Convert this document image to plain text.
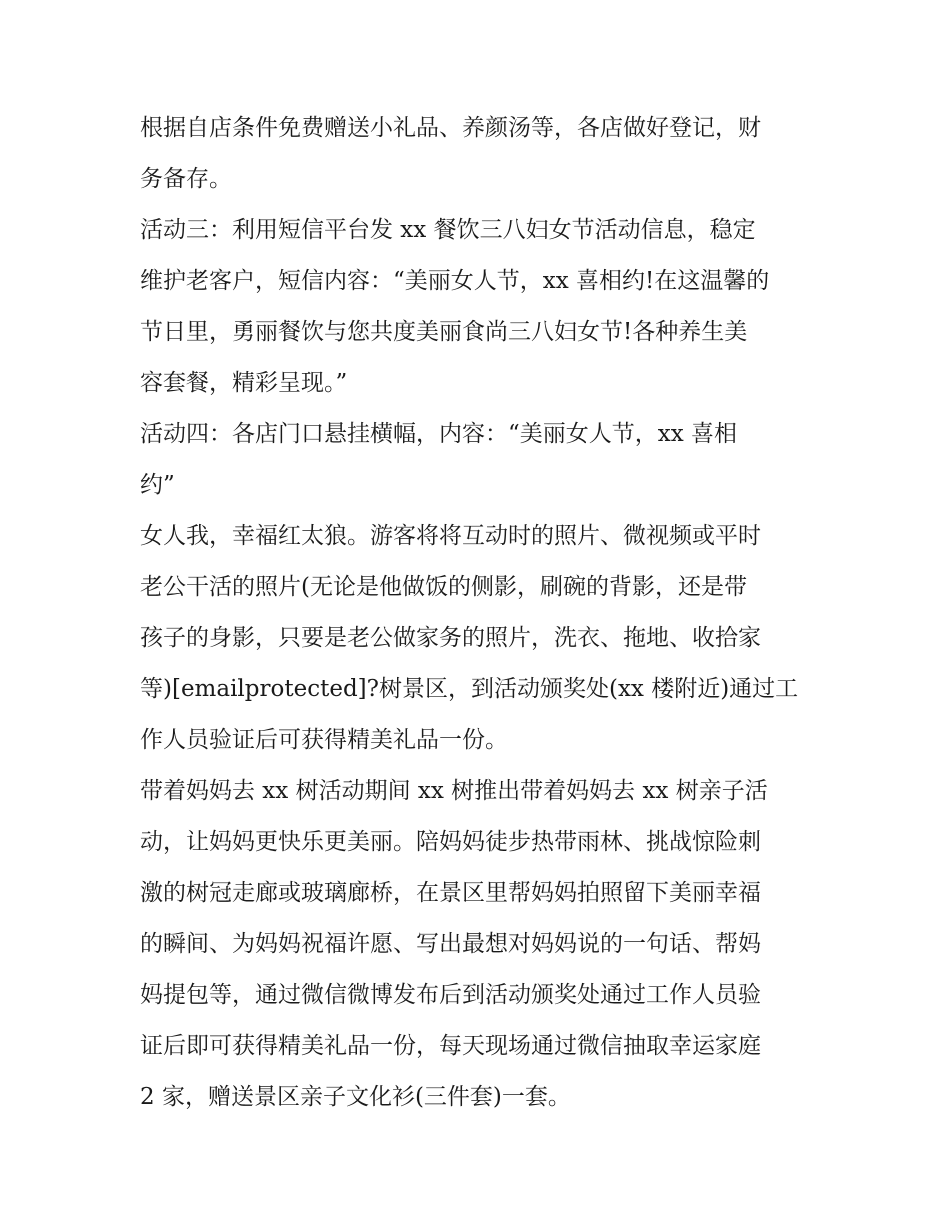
根据自店条件免费赠送小礼品、养颜汤等，各店做好登记，财
务备存。
活动三：利用短信平台发 xx 餐饮三八妇女节活动信息，稳定
维护老客户，短信内容：“美丽女人节，xx 喜相约!在这温馨的
节日里，勇丽餐饮与您共度美丽食尚三八妇女节!各种养生美
容套餐，精彩呈现。”
活动四：各店门口悬挂横幅，内容：“美丽女人节，xx 喜相
约”
女人我，幸福红太狼。游客将将互动时的照片、微视频或平时
老公干活的照片(无论是他做饭的侧影，刷碗的背影，还是带
孩子的身影，只要是老公做家务的照片，洗衣、拖地、收拾家
等)[emailprotected]?树景区，到活动颁奖处(xx 楼附近)通过工
作人员验证后可获得精美礼品一份。
带着妈妈去 xx 树活动期间 xx 树推出带着妈妈去 xx 树亲子活
动，让妈妈更快乐更美丽。陪妈妈徒步热带雨林、挑战惊险刺
激的树冠走廊或玻璃廊桥，在景区里帮妈妈拍照留下美丽幸福
的瞬间、为妈妈祝福许愿、写出最想对妈妈说的一句话、帮妈
妈提包等，通过微信微博发布后到活动颁奖处通过工作人员验
证后即可获得精美礼品一份，每天现场通过微信抽取幸运家庭
2 家，赠送景区亲子文化衫(三件套)一套。
